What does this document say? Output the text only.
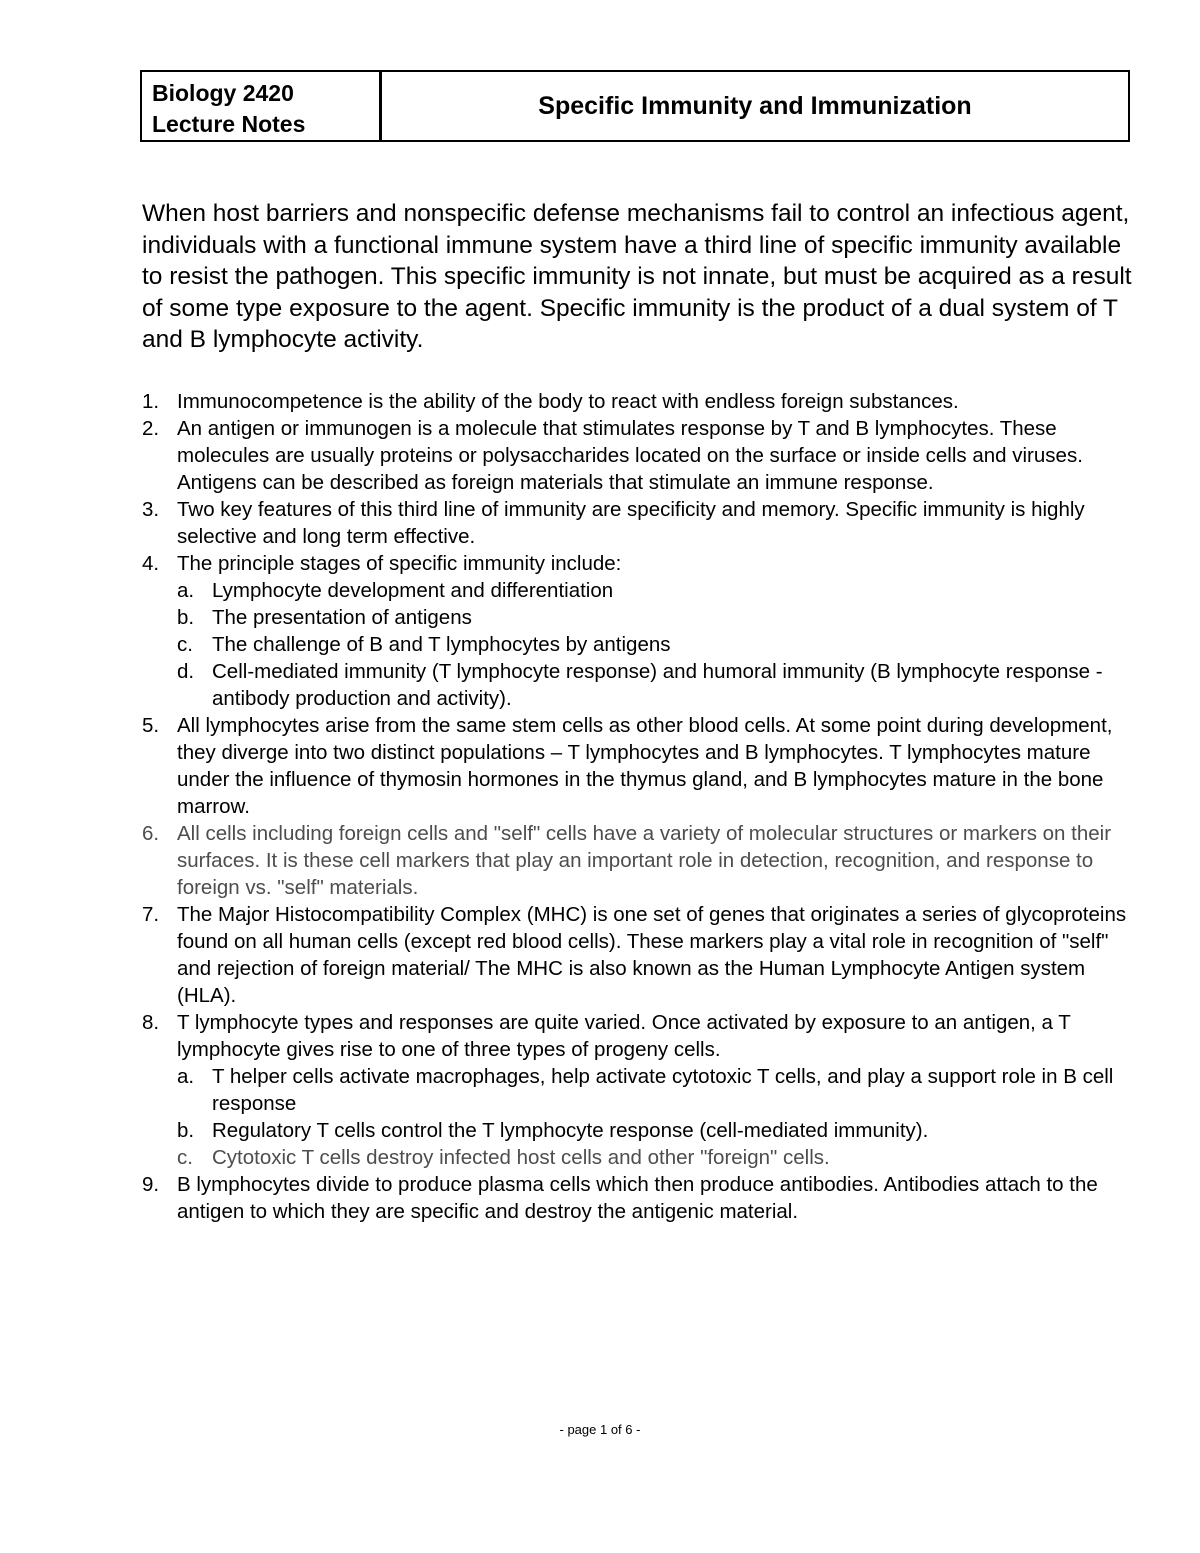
Biology 2420
Lecture Notes
Specific Immunity and Immunization

When host barriers and nonspecific defense mechanisms fail to control an infectious agent, individuals with a functional immune system have a third line of specific immunity available to resist the pathogen. This specific immunity is not innate, but must be acquired as a result of some type exposure to the agent. Specific immunity is the product of a dual system of T and B lymphocyte activity.

1. Immunocompetence is the ability of the body to react with endless foreign substances.
2. An antigen or immunogen is a molecule that stimulates response by T and B lymphocytes. These molecules are usually proteins or polysaccharides located on the surface or inside cells and viruses. Antigens can be described as foreign materials that stimulate an immune response.
3. Two key features of this third line of immunity are specificity and memory. Specific immunity is highly selective and long term effective.
4. The principle stages of specific immunity include:
a. Lymphocyte development and differentiation
b. The presentation of antigens
c. The challenge of B and T lymphocytes by antigens
d. Cell-mediated immunity (T lymphocyte response) and humoral immunity (B lymphocyte response - antibody production and activity).
5. All lymphocytes arise from the same stem cells as other blood cells. At some point during development, they diverge into two distinct populations – T lymphocytes and B lymphocytes. T lymphocytes mature under the influence of thymosin hormones in the thymus gland, and B lymphocytes mature in the bone marrow.
6. All cells including foreign cells and "self" cells have a variety of molecular structures or markers on their surfaces. It is these cell markers that play an important role in detection, recognition, and response to foreign vs. "self" materials.
7. The Major Histocompatibility Complex (MHC) is one set of genes that originates a series of glycoproteins found on all human cells (except red blood cells). These markers play a vital role in recognition of "self" and rejection of foreign material/ The MHC is also known as the Human Lymphocyte Antigen system (HLA).
8. T lymphocyte types and responses are quite varied. Once activated by exposure to an antigen, a T lymphocyte gives rise to one of three types of progeny cells.
a. T helper cells activate macrophages, help activate cytotoxic T cells, and play a support role in B cell response
b. Regulatory T cells control the T lymphocyte response (cell-mediated immunity).
c. Cytotoxic T cells destroy infected host cells and other "foreign" cells.
9. B lymphocytes divide to produce plasma cells which then produce antibodies. Antibodies attach to the antigen to which they are specific and destroy the antigenic material.
- page 1 of 6 -
